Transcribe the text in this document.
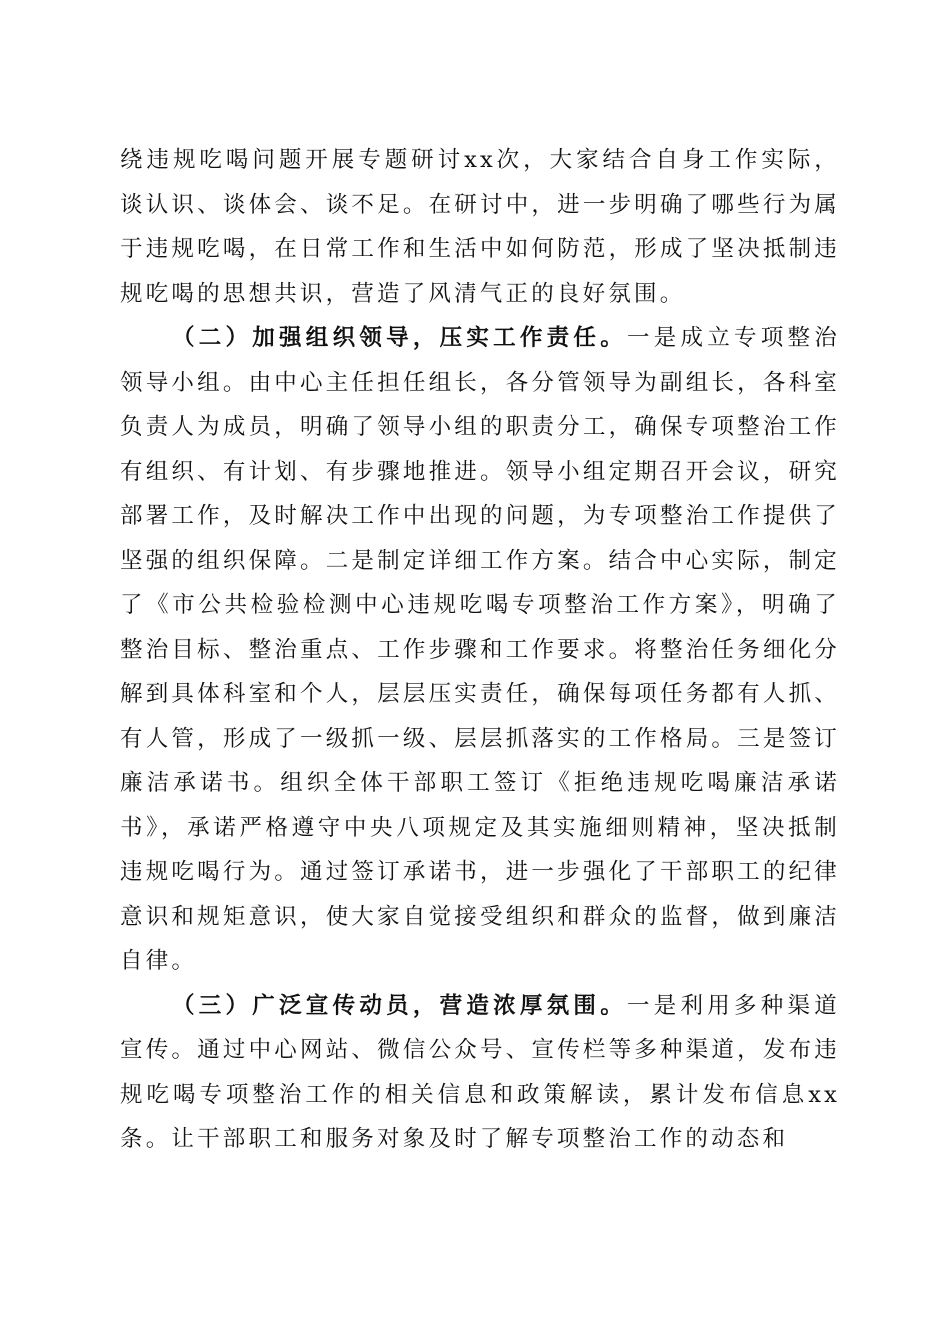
绕违规吃喝问题开展专题研讨xx次，大家结合自身工作实际，谈认识、谈体会、谈不足。在研讨中，进一步明确了哪些行为属于违规吃喝，在日常工作和生活中如何防范，形成了坚决抵制违规吃喝的思想共识，营造了风清气正的良好氛围。

（二）加强组织领导，压实工作责任。一是成立专项整治领导小组。由中心主任担任组长，各分管领导为副组长，各科室负责人为成员，明确了领导小组的职责分工，确保专项整治工作有组织、有计划、有步骤地推进。领导小组定期召开会议，研究部署工作，及时解决工作中出现的问题，为专项整治工作提供了坚强的组织保障。二是制定详细工作方案。结合中心实际，制定了《市公共检验检测中心违规吃喝专项整治工作方案》，明确了整治目标、整治重点、工作步骤和工作要求。将整治任务细化分解到具体科室和个人，层层压实责任，确保每项任务都有人抓、有人管，形成了一级抓一级、层层抓落实的工作格局。三是签订廉洁承诺书。组织全体干部职工签订《拒绝违规吃喝廉洁承诺书》，承诺严格遵守中央八项规定及其实施细则精神，坚决抵制违规吃喝行为。通过签订承诺书，进一步强化了干部职工的纪律意识和规矩意识，使大家自觉接受组织和群众的监督，做到廉洁自律。

（三）广泛宣传动员，营造浓厚氛围。一是利用多种渠道宣传。通过中心网站、微信公众号、宣传栏等多种渠道，发布违规吃喝专项整治工作的相关信息和政策解读，累计发布信息xx条。让干部职工和服务对象及时了解专项整治工作的动态和
